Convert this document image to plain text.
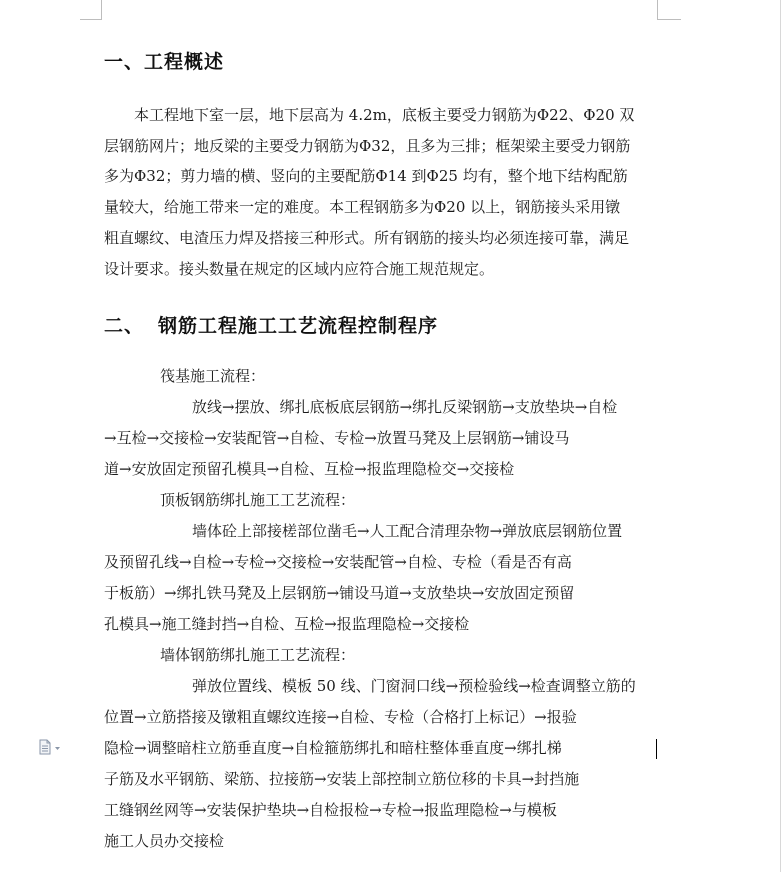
一、工程概述

本工程地下室一层，地下层高为 4.2m，底板主要受力钢筋为Φ22、Φ20 双

层钢筋网片；地反梁的主要受力钢筋为Φ32，且多为三排；框架梁主要受力钢筋

多为Φ32；剪力墙的横、竖向的主要配筋Φ14 到Φ25 均有，整个地下结构配筋

量较大，给施工带来一定的难度。本工程钢筋多为Φ20 以上，钢筋接头采用镦

粗直螺纹、电渣压力焊及搭接三种形式。所有钢筋的接头均必须连接可靠，满足

设计要求。接头数量在规定的区域内应符合施工规范规定。

二、 钢筋工程施工工艺流程控制程序

筏基施工流程：

放线→摆放、绑扎底板底层钢筋→绑扎反梁钢筋→支放垫块→自检

→互检→交接检→安装配管→自检、专检→放置马凳及上层钢筋→铺设马

道→安放固定预留孔模具→自检、互检→报监理隐检交→交接检

顶板钢筋绑扎施工工艺流程：

墙体砼上部接槎部位凿毛→人工配合清理杂物→弹放底层钢筋位置

及预留孔线→自检→专检→交接检→安装配管→自检、专检（看是否有高

于板筋）→绑扎铁马凳及上层钢筋→铺设马道→支放垫块→安放固定预留

孔模具→施工缝封挡→自检、互检→报监理隐检→交接检

墙体钢筋绑扎施工工艺流程：

弹放位置线、模板 50 线、门窗洞口线→预检验线→检查调整立筋的

位置→立筋搭接及镦粗直螺纹连接→自检、专检（合格打上标记）→报验

隐检→调整暗柱立筋垂直度→自检箍筋绑扎和暗柱整体垂直度→绑扎梯

子筋及水平钢筋、梁筋、拉接筋→安装上部控制立筋位移的卡具→封挡施

工缝钢丝网等→安装保护垫块→自检报检→专检→报监理隐检→与模板

施工人员办交接检
